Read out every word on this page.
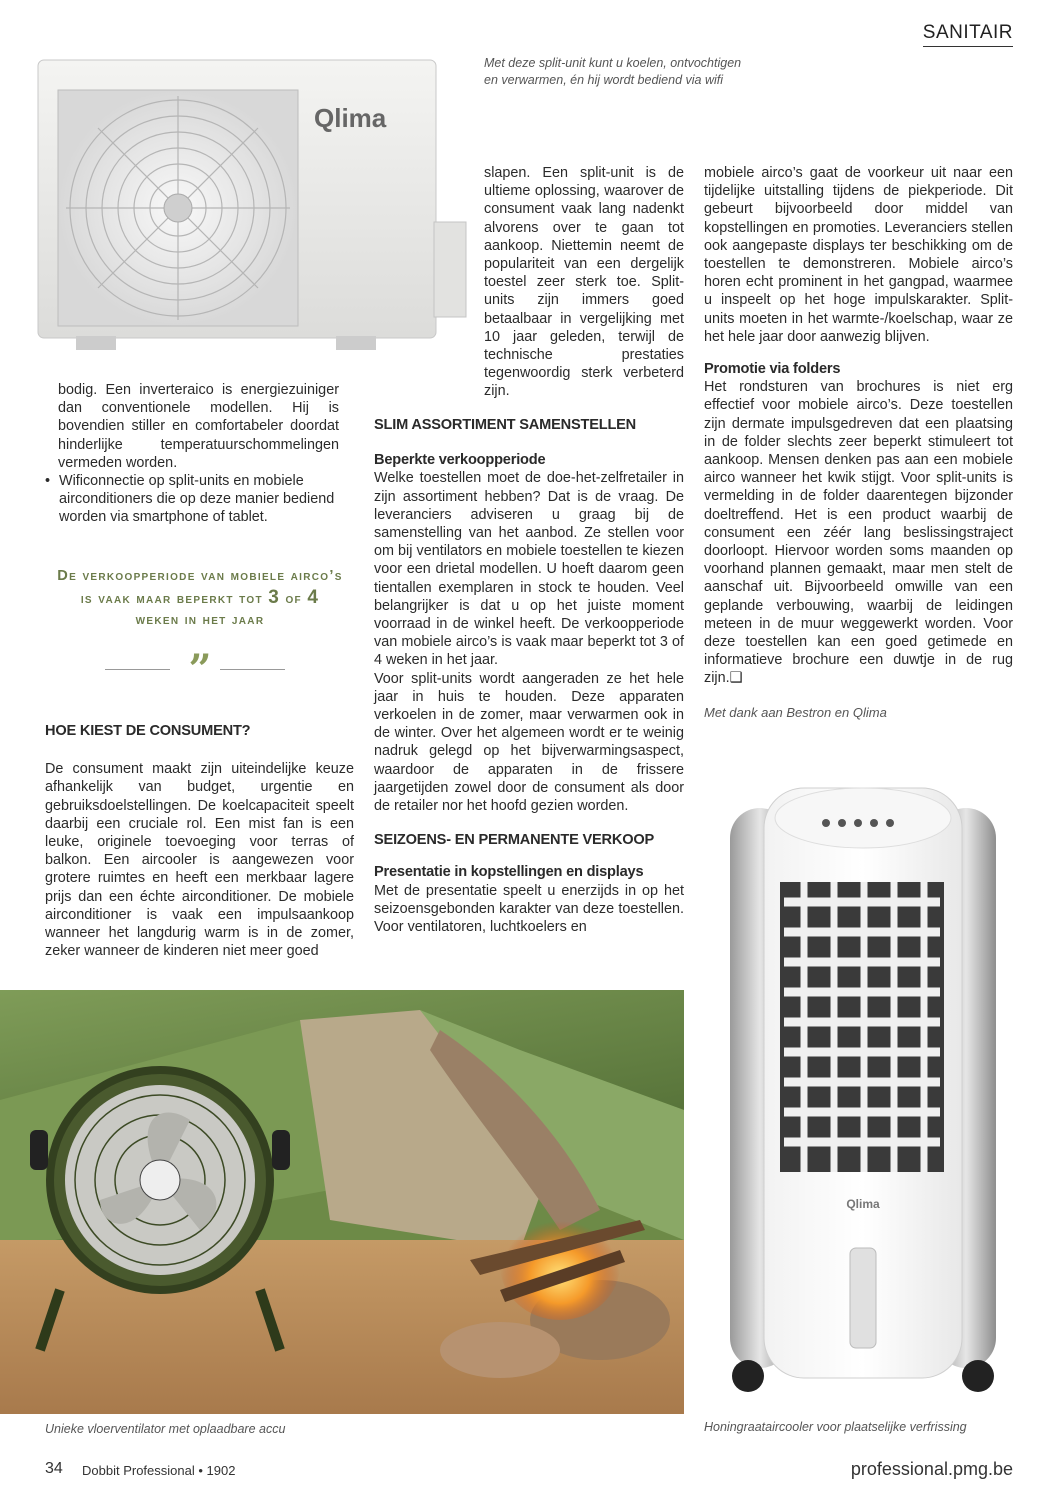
SANITAIR
Qlima
Met deze split-unit kunt u koelen, ontvochtigen en verwarmen, én hij wordt bediend via wifi

bodig. Een inverteraico is energiezuiniger dan conventionele modellen. Hij is bovendien stiller en comfortabeler doordat hinderlijke temperatuurschommelingen vermeden worden.

• Wificonnectie op split-units en mobiele airconditioners die op deze manier bediend worden via smartphone of tablet.
De verkoopperiode van mobiele airco’s
is vaak maar beperkt tot 3 of 4
weken in het jaar
”

HOE KIEST DE CONSUMENT?

De consument maakt zijn uiteindelijke keuze afhankelijk van budget, urgentie en gebruiksdoelstellingen. De koelcapaciteit speelt daarbij een cruciale rol. Een mist fan is een leuke, originele toevoeging voor terras of balkon. Een aircooler is aangewezen voor grotere ruimtes en heeft een merkbaar lagere prijs dan een échte airconditioner. De mobiele airconditioner is vaak een impulsaankoop wanneer het langdurig warm is in de zomer, zeker wanneer de kinderen niet meer goed

slapen. Een split-unit is de ultieme oplossing, waarover de consument vaak lang nadenkt alvorens over te gaan tot aankoop. Niettemin neemt de populariteit van een dergelijk toestel zeer sterk toe. Split-units zijn immers goed betaalbaar in vergelijking met 10 jaar geleden, terwijl de technische prestaties tegenwoordig sterk verbeterd zijn.

SLIM ASSORTIMENT SAMENSTELLEN

Beperkte verkoopperiode

Welke toestellen moet de doe-het-zelfretailer in zijn assortiment hebben? Dat is de vraag. De leveranciers adviseren u graag bij de samenstelling van het aanbod. Ze stellen voor om bij ventilators en mobiele toestellen te kiezen voor een drietal modellen. U hoeft daarom geen tientallen exemplaren in stock te houden. Veel belangrijker is dat u op het juiste moment voorraad in de winkel heeft. De verkoopperiode van mobiele airco’s is vaak maar beperkt tot 3 of 4 weken in het jaar.

Voor split-units wordt aangeraden ze het hele jaar in huis te houden. Deze apparaten verkoelen in de zomer, maar verwarmen ook in de winter. Over het algemeen wordt er te weinig nadruk gelegd op het bijverwarmingsaspect, waardoor de apparaten in de frissere jaargetijden zowel door de consument als door de retailer nor het hoofd gezien worden.

SEIZOENS- EN PERMANENTE VERKOOP

Presentatie in kopstellingen en displays

Met de presentatie speelt u enerzijds in op het seizoensgebonden karakter van deze toestellen. Voor ventilatoren, luchtkoelers en

mobiele airco’s gaat de voorkeur uit naar een tijdelijke uitstalling tijdens de piekperiode. Dit gebeurt bijvoorbeeld door middel van kopstellingen en promoties. Leveranciers stellen ook aangepaste displays ter beschikking om de toestellen te demonstreren. Mobiele airco’s horen echt prominent in het gangpad, waarmee u inspeelt op het hoge impulskarakter. Split-units moeten in het warmte-/koelschap, waar ze het hele jaar door aanwezig blijven.

Promotie via folders

Het rondsturen van brochures is niet erg effectief voor mobiele airco’s. Deze toestellen zijn dermate impulsgedreven dat een plaatsing in de folder slechts zeer beperkt stimuleert tot aankoop. Mensen denken pas aan een mobiele airco wanneer het kwik stijgt. Voor split-units is vermelding in de folder daarentegen bijzonder doeltreffend. Het is een product waarbij de consument een zéér lang beslissingstraject doorloopt. Hiervoor worden soms maanden op voorhand plannen gemaakt, maar men stelt de aanschaf uit. Bijvoorbeeld omwille van een geplande verbouwing, waarbij de leidingen meteen in de muur weggewerkt worden. Voor deze toestellen kan een goed getimede en informatieve brochure een duwtje in de rug zijn.❑

Met dank aan Bestron en Qlima

Unieke vloerventilator met oplaadbare accu
Qlima
Honingraataircooler voor plaatselijke verfrissing
34 Dobbit Professional • 1902	professional.pmg.be
